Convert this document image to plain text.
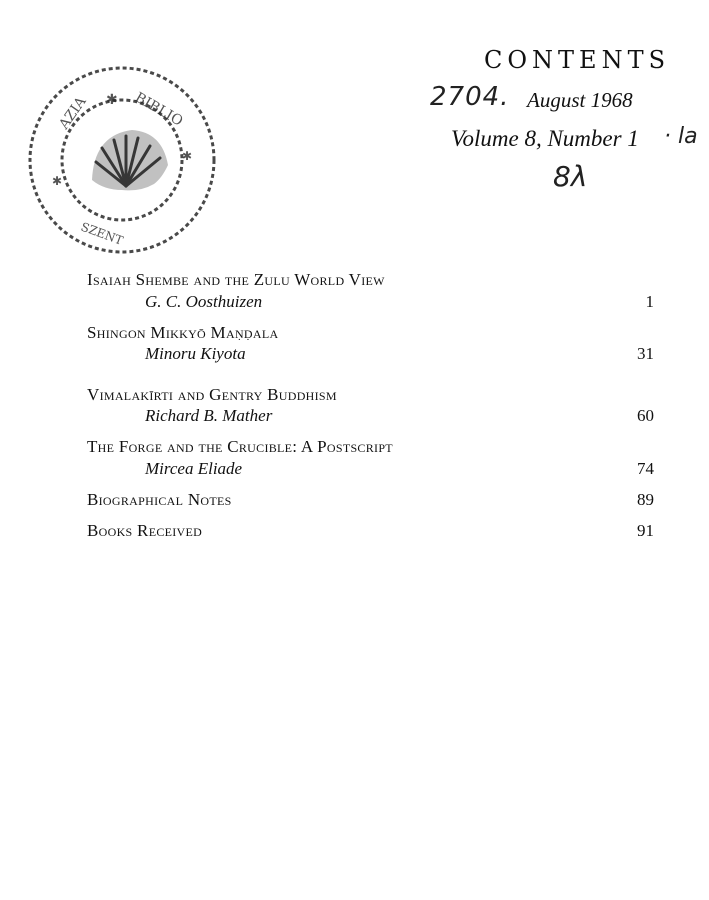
AZIA	BIBLIO
SZENT
✱
✱
✱
CONTENTS
2704. August 1968
Volume 8, Number 1 · la
8λ
Isaiah Shembe and the Zulu World View
G. C. Oosthuizen	1
Shingon Mikkyō Maṇḍala
Minoru Kiyota	31
Vimalakīrti and Gentry Buddhism
Richard B. Mather	60
The Forge and the Crucible: A Postscript
Mircea Eliade	74
Biographical Notes	89
Books Received	91
